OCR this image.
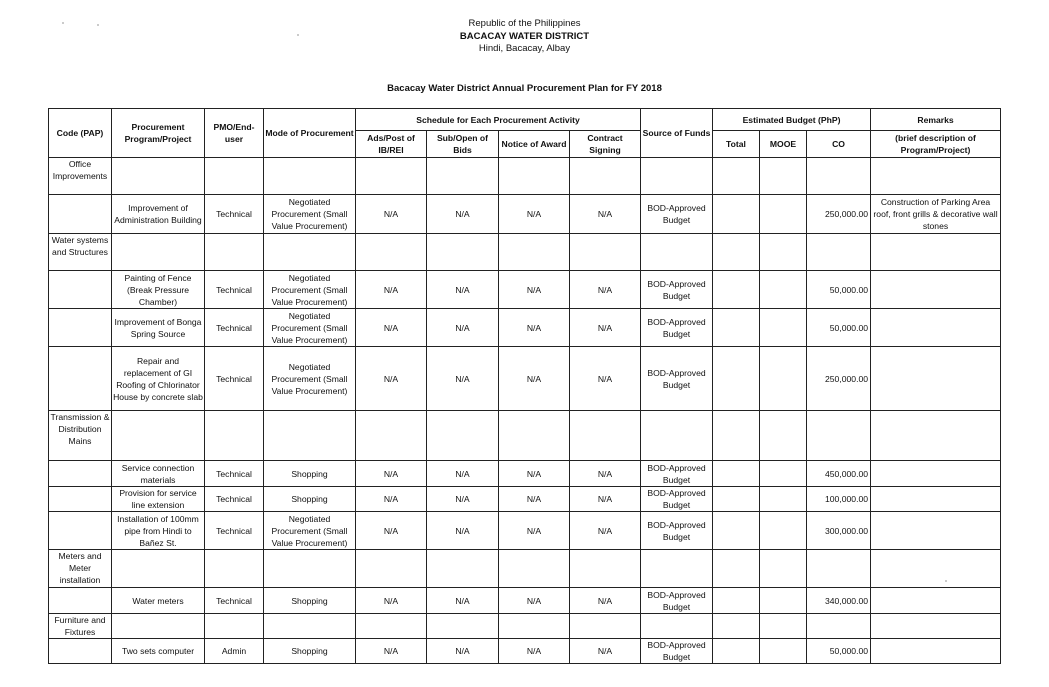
Republic of the Philippines
BACACAY WATER DISTRICT
Hindi, Bacacay, Albay
Bacacay Water District Annual Procurement Plan for FY 2018
Code (PAP)	Procurement Program/Project	PMO/End-user	Mode of Procurement	Schedule for Each Procurement Activity				Source of Funds	Estimated Budget (PhP)			Remarks
				Ads/Post of IB/REI	Sub/Open of Bids	Notice of Award	Contract Signing		Total	MOOE	CO	(brief description of Program/Project)
Office Improvements												
	Improvement of Administration Building	Technical	Negotiated Procurement (Small Value Procurement)	N/A	N/A	N/A	N/A	BOD-Approved Budget			250,000.00	Construction of Parking Area roof, front grills & decorative wall stones
Water systems and Structures												
	Painting of Fence (Break Pressure Chamber)	Technical	Negotiated Procurement (Small Value Procurement)	N/A	N/A	N/A	N/A	BOD-Approved Budget			50,000.00	
	Improvement of Bonga Spring Source	Technical	Negotiated Procurement (Small Value Procurement)	N/A	N/A	N/A	N/A	BOD-Approved Budget			50,000.00	
	Repair and replacement of GI Roofing of Chlorinator House by concrete slab	Technical	Negotiated Procurement (Small Value Procurement)	N/A	N/A	N/A	N/A	BOD-Approved Budget			250,000.00	
Transmission & Distribution Mains												
	Service connection materials	Technical	Shopping	N/A	N/A	N/A	N/A	BOD-Approved Budget			450,000.00	
	Provision for service line extension	Technical	Shopping	N/A	N/A	N/A	N/A	BOD-Approved Budget			100,000.00	
	Installation of 100mm pipe from Hindi to Bañez St.	Technical	Negotiated Procurement (Small Value Procurement)	N/A	N/A	N/A	N/A	BOD-Approved Budget			300,000.00	
Meters and Meter installation												
	Water meters	Technical	Shopping	N/A	N/A	N/A	N/A	BOD-Approved Budget			340,000.00	
Furniture and Fixtures												
	Two sets computer	Admin	Shopping	N/A	N/A	N/A	N/A	BOD-Approved Budget			50,000.00	
